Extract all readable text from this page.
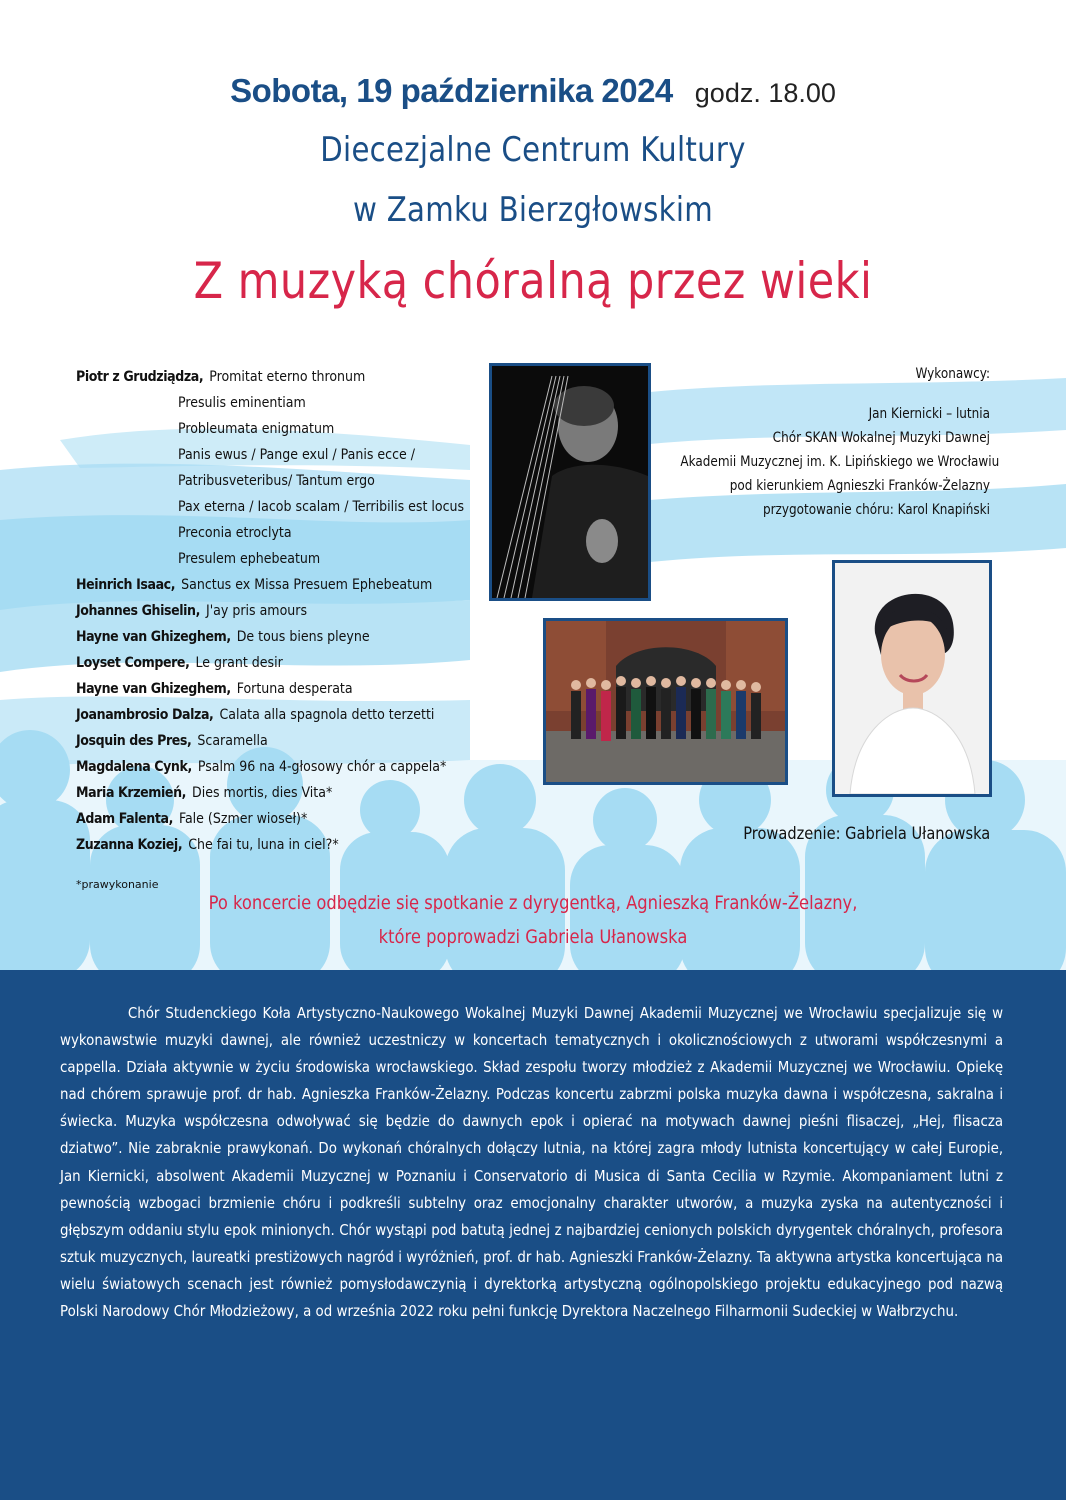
Sobota, 19 października 2024 godz. 18.00
Diecezjalne Centrum Kultury
w Zamku Bierzgłowskim
Z muzyką chóralną przez wieki
Piotr z Grudziądza, Promitat eterno thronum
Presulis eminentiam
Probleumata enigmatum
Panis ewus / Pange exul / Panis ecce /
Patribusveteribus/ Tantum ergo
Pax eterna / Iacob scalam / Terribilis est locus
Preconia etroclyta
Presulem ephebeatum
Heinrich Isaac, Sanctus ex Missa Presuem Ephebeatum
Johannes Ghiselin, J'ay pris amours
Hayne van Ghizeghem, De tous biens pleyne
Loyset Compere, Le grant desir
Hayne van Ghizeghem, Fortuna desperata
Joanambrosio Dalza, Calata alla spagnola detto terzetti
Josquin des Pres, Scaramella
Magdalena Cynk, Psalm 96 na 4-głosowy chór a cappela*
Maria Krzemień, Dies mortis, dies Vita*
Adam Falenta, Fale (Szmer wioseł)*
Zuzanna Koziej, Che fai tu, luna in ciel?*
Wykonawcy:
Jan Kiernicki – lutnia
Chór SKAN Wokalnej Muzyki Dawnej
Akademii Muzycznej im. K. Lipińskiego we Wrocławiu
pod kierunkiem Agnieszki Franków-Żelazny
przygotowanie chóru: Karol Knapiński
Prowadzenie: Gabriela Ułanowska
*prawykonanie
Po koncercie odbędzie się spotkanie z dyrygentką, Agnieszką Franków-Żelazny,
które poprowadzi Gabriela Ułanowska
Chór Studenckiego Koła Artystyczno-Naukowego Wokalnej Muzyki Dawnej Akademii Muzycznej we Wrocławiu specjalizuje się w wykonawstwie muzyki dawnej, ale również uczestniczy w koncertach tematycznych i okolicznościowych z utworami współczesnymi a cappella. Działa aktywnie w życiu środowiska wrocławskiego. Skład zespołu tworzy młodzież z Akademii Muzycznej we Wrocławiu. Opiekę nad chórem sprawuje prof. dr hab. Agnieszka Franków-Żelazny. Podczas koncertu zabrzmi polska muzyka dawna i współczesna, sakralna i świecka. Muzyka współczesna odwoływać się będzie do dawnych epok i opierać na motywach dawnej pieśni flisaczej, „Hej, flisacza dziatwo”. Nie zabraknie prawykonań. Do wykonań chóralnych dołączy lutnia, na której zagra młody lutnista koncertujący w całej Europie, Jan Kiernicki, absolwent Akademii Muzycznej w Poznaniu i Conservatorio di Musica di Santa Cecilia w Rzymie. Akompaniament lutni z pewnością wzbogaci brzmienie chóru i podkreśli subtelny oraz emocjonalny charakter utworów, a muzyka zyska na autentyczności i głębszym oddaniu stylu epok minionych. Chór wystąpi pod batutą jednej z najbardziej cenionych polskich dyrygentek chóralnych, profesora sztuk muzycznych, laureatki prestiżowych nagród i wyróżnień, prof. dr hab. Agnieszki Franków-Żelazny. Ta aktywna artystka koncertująca na wielu światowych scenach jest również pomysłodawczynią i dyrektorką artystyczną ogólnopolskiego projektu edukacyjnego pod nazwą Polski Narodowy Chór Młodzieżowy, a od września 2022 roku pełni funkcję Dyrektora Naczelnego Filharmonii Sudeckiej w Wałbrzychu.
